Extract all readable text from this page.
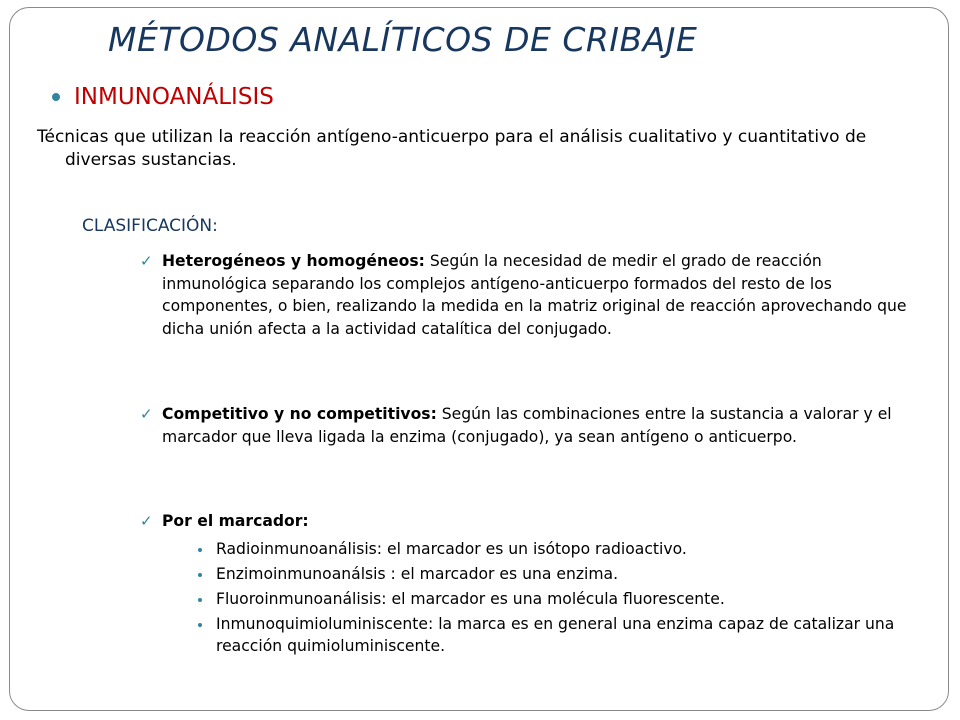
MÉTODOS ANALÍTICOS DE CRIBAJE
INMUNOANÁLISIS
Técnicas que utilizan la reacción antígeno-anticuerpo para el análisis cualitativo y cuantitativo de diversas sustancias.
CLASIFICACIÓN:
✓ Heterogéneos y homogéneos: Según la necesidad de medir el grado de reacción inmunológica separando los complejos antígeno-anticuerpo formados del resto de los componentes, o bien, realizando la medida en la matriz original de reacción aprovechando que dicha unión afecta a la actividad catalítica del conjugado.
✓ Competitivo y no competitivos: Según las combinaciones entre la sustancia a valorar y el marcador que lleva ligada la enzima (conjugado), ya sean antígeno o anticuerpo.
✓ Por el marcador:
Radioinmunoanálisis: el marcador es un isótopo radioactivo.
Enzimoinmunoanálsis : el marcador es una enzima.
Fluoroinmunoanálisis: el marcador es una molécula fluorescente.
Inmunoquimioluminiscente: la marca es en general una enzima capaz de catalizar una reacción quimioluminiscente.
